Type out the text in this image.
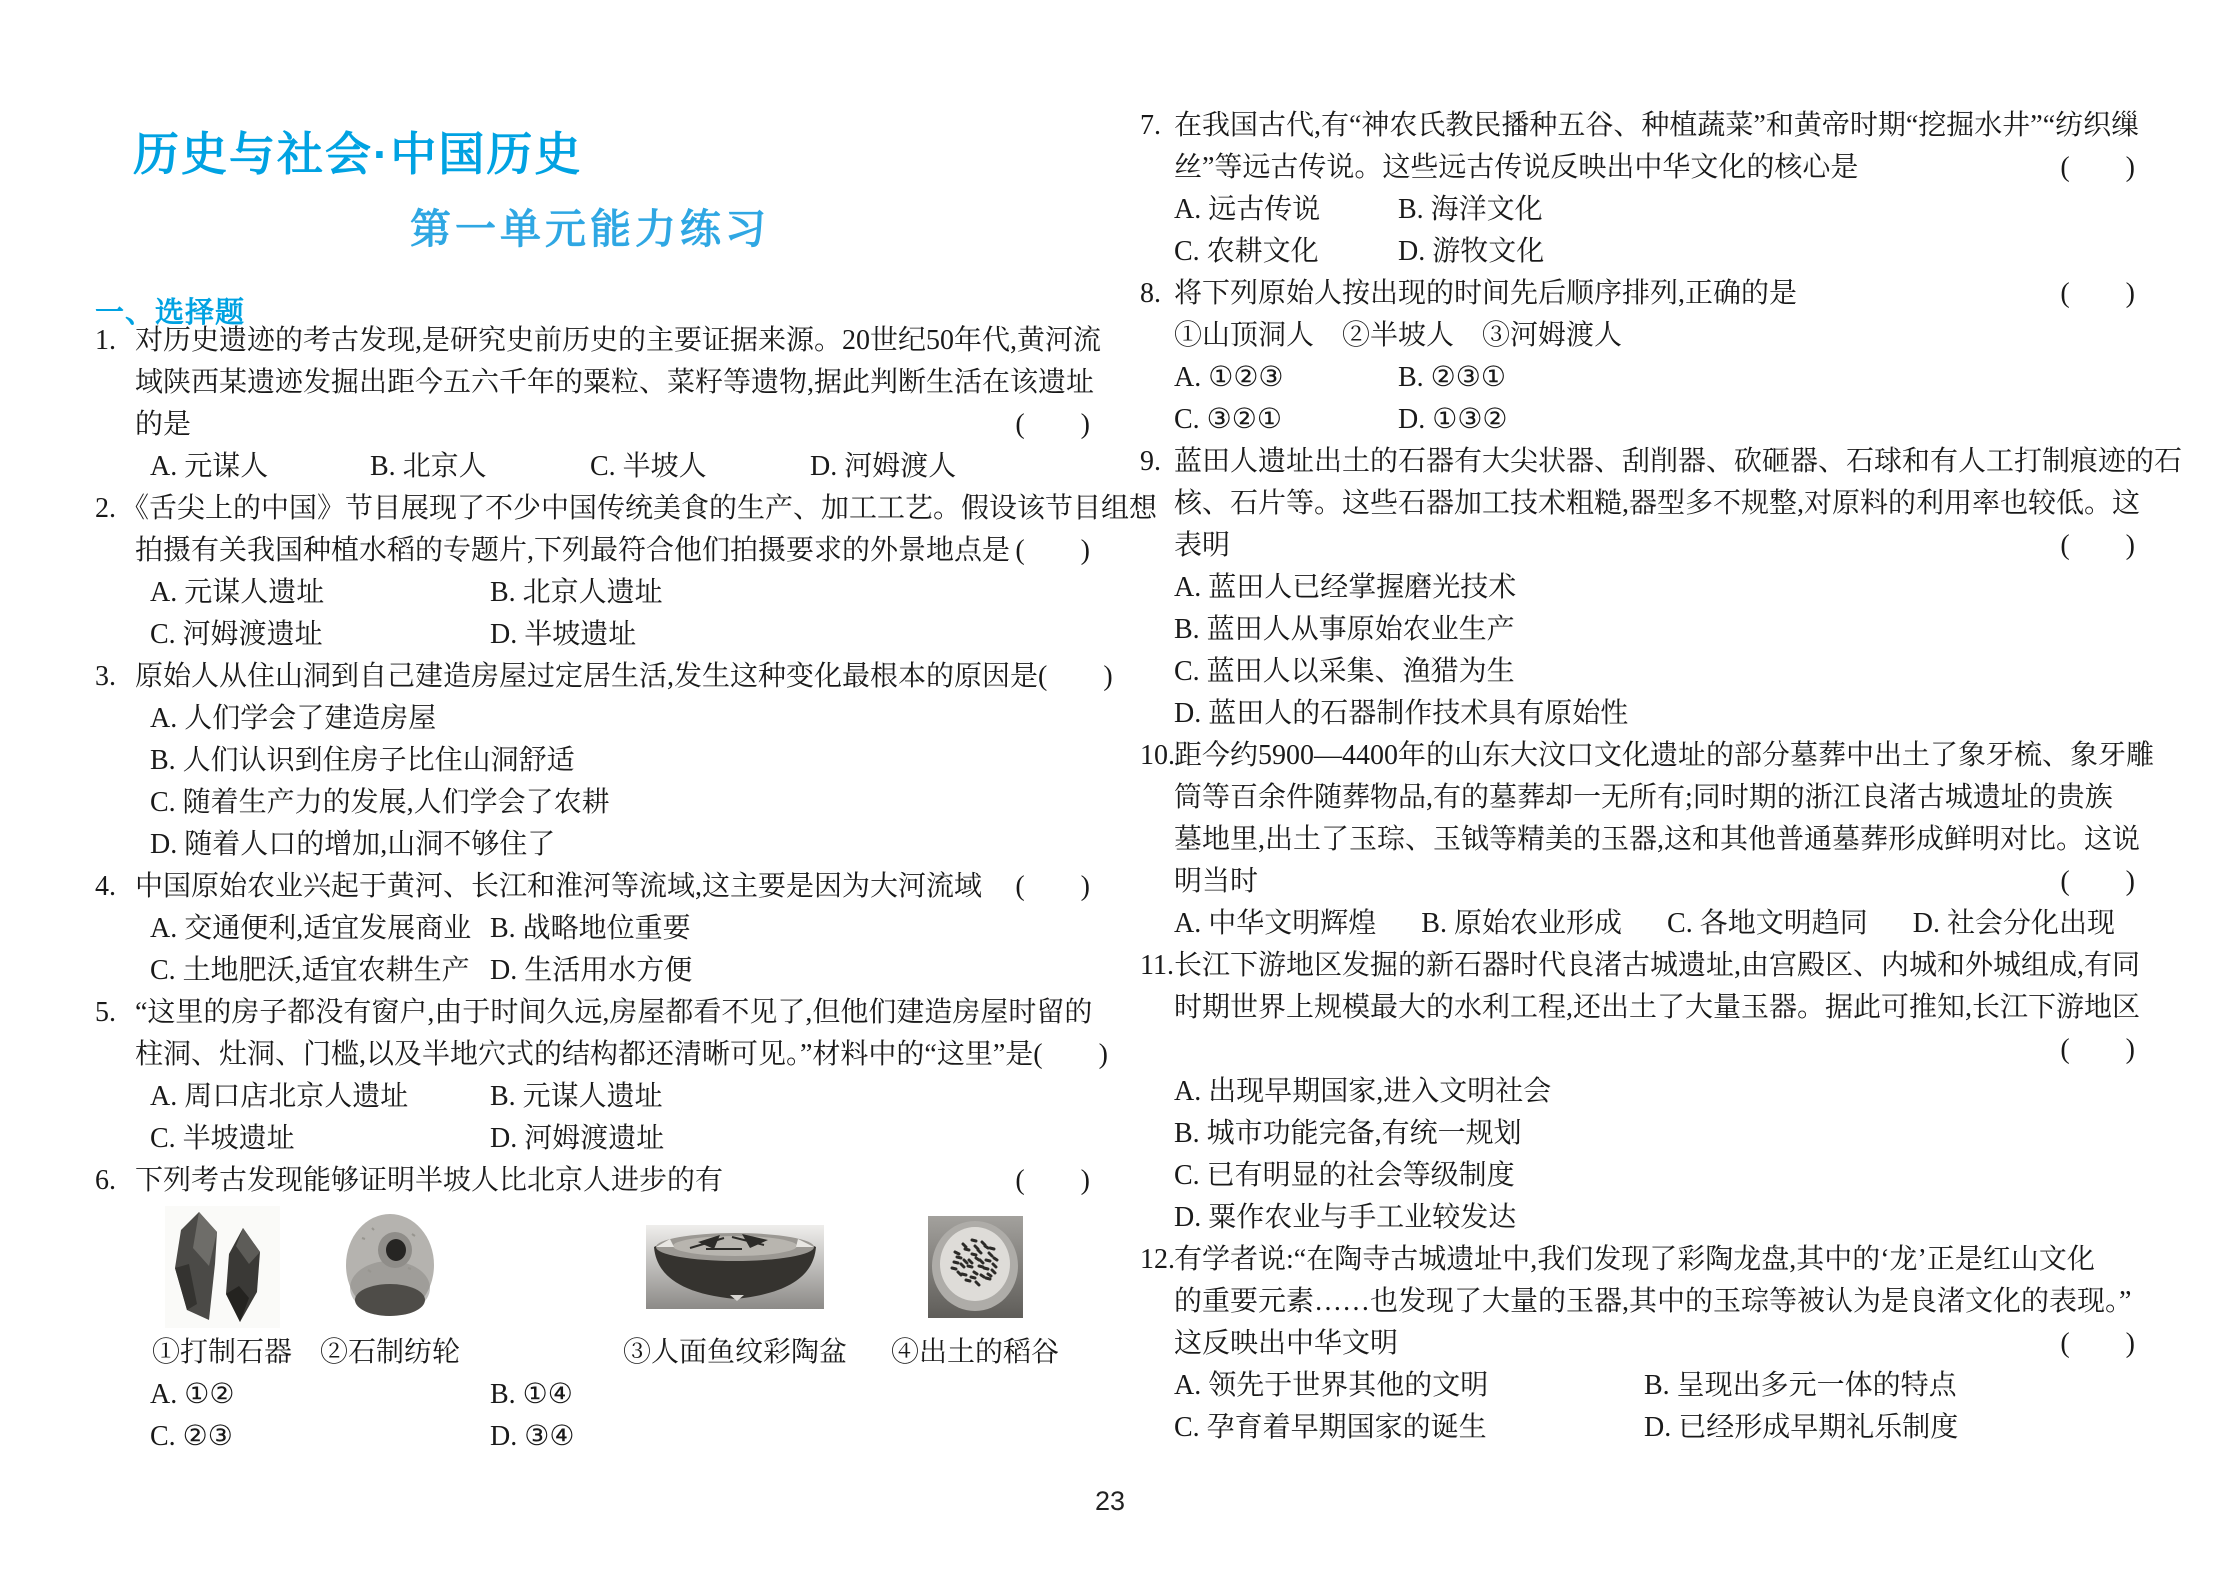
历史与社会·中国历史
第一单元能力练习
一、选择题
1. 对历史遗迹的考古发现,是研究史前历史的主要证据来源。20世纪50年代,黄河流
域陕西某遗迹发掘出距今五六千年的粟粒、菜籽等遗物,据此判断生活在该遗址
的是	(　　)
A. 元谋人	B. 北京人	C. 半坡人	D. 河姆渡人
2. 《舌尖上的中国》节目展现了不少中国传统美食的生产、加工工艺。假设该节目组想
拍摄有关我国种植水稻的专题片,下列最符合他们拍摄要求的外景地点是 (　　)
A. 元谋人遗址	B. 北京人遗址
C. 河姆渡遗址	D. 半坡遗址
3. 原始人从住山洞到自己建造房屋过定居生活,发生这种变化最根本的原因是 (　　)
A. 人们学会了建造房屋
B. 人们认识到住房子比住山洞舒适
C. 随着生产力的发展,人们学会了农耕
D. 随着人口的增加,山洞不够住了
4. 中国原始农业兴起于黄河、长江和淮河等流域,这主要是因为大河流域 (　　)
A. 交通便利,适宜发展商业 B. 战略地位重要
C. 土地肥沃,适宜农耕生产 D. 生活用水方便
5. “这里的房子都没有窗户,由于时间久远,房屋都看不见了,但他们建造房屋时留的
柱洞、灶洞、门槛,以及半地穴式的结构都还清晰可见。”材料中的“这里”是 (　　)
A. 周口店北京人遗址	B. 元谋人遗址
C. 半坡遗址	D. 河姆渡遗址
6. 下列考古发现能够证明半坡人比北京人进步的有	(　　)
①打制石器 ②石制纺轮	③人面鱼纹彩陶盆 ④出土的稻谷
A. ①②	B. ①④
C. ②③	D. ③④
7. 在我国古代,有“神农氏教民播种五谷、种植蔬菜”和黄帝时期“挖掘水井”“纺织缫
丝”等远古传说。这些远古传说反映出中华文化的核心是	(　　)
A. 远古传说	B. 海洋文化
C. 农耕文化	D. 游牧文化
8. 将下列原始人按出现的时间先后顺序排列,正确的是	(　　)
①山顶洞人　②半坡人　③河姆渡人
A. ①②③	B. ②③①
C. ③②①	D. ①③②
9. 蓝田人遗址出土的石器有大尖状器、刮削器、砍砸器、石球和有人工打制痕迹的石
核、石片等。这些石器加工技术粗糙,器型多不规整,对原料的利用率也较低。这
表明	(　　)
A. 蓝田人已经掌握磨光技术
B. 蓝田人从事原始农业生产
C. 蓝田人以采集、渔猎为生
D. 蓝田人的石器制作技术具有原始性
10. 距今约5900—4400年的山东大汶口文化遗址的部分墓葬中出土了象牙梳、象牙雕
筒等百余件随葬物品,有的墓葬却一无所有;同时期的浙江良渚古城遗址的贵族
墓地里,出土了玉琮、玉钺等精美的玉器,这和其他普通墓葬形成鲜明对比。这说
明当时	(　　)
A. 中华文明辉煌 B. 原始农业形成 C. 各地文明趋同 D. 社会分化出现
11. 长江下游地区发掘的新石器时代良渚古城遗址,由宫殿区、内城和外城组成,有同
时期世界上规模最大的水利工程,还出土了大量玉器。据此可推知,长江下游地区
(　　)
A. 出现早期国家,进入文明社会
B. 城市功能完备,有统一规划
C. 已有明显的社会等级制度
D. 粟作农业与手工业较发达
12. 有学者说:“在陶寺古城遗址中,我们发现了彩陶龙盘,其中的‘龙’正是红山文化
的重要元素……也发现了大量的玉器,其中的玉琮等被认为是良渚文化的表现。”
这反映出中华文明	(　　)
A. 领先于世界其他的文明	B. 呈现出多元一体的特点
C. 孕育着早期国家的诞生	D. 已经形成早期礼乐制度
23
